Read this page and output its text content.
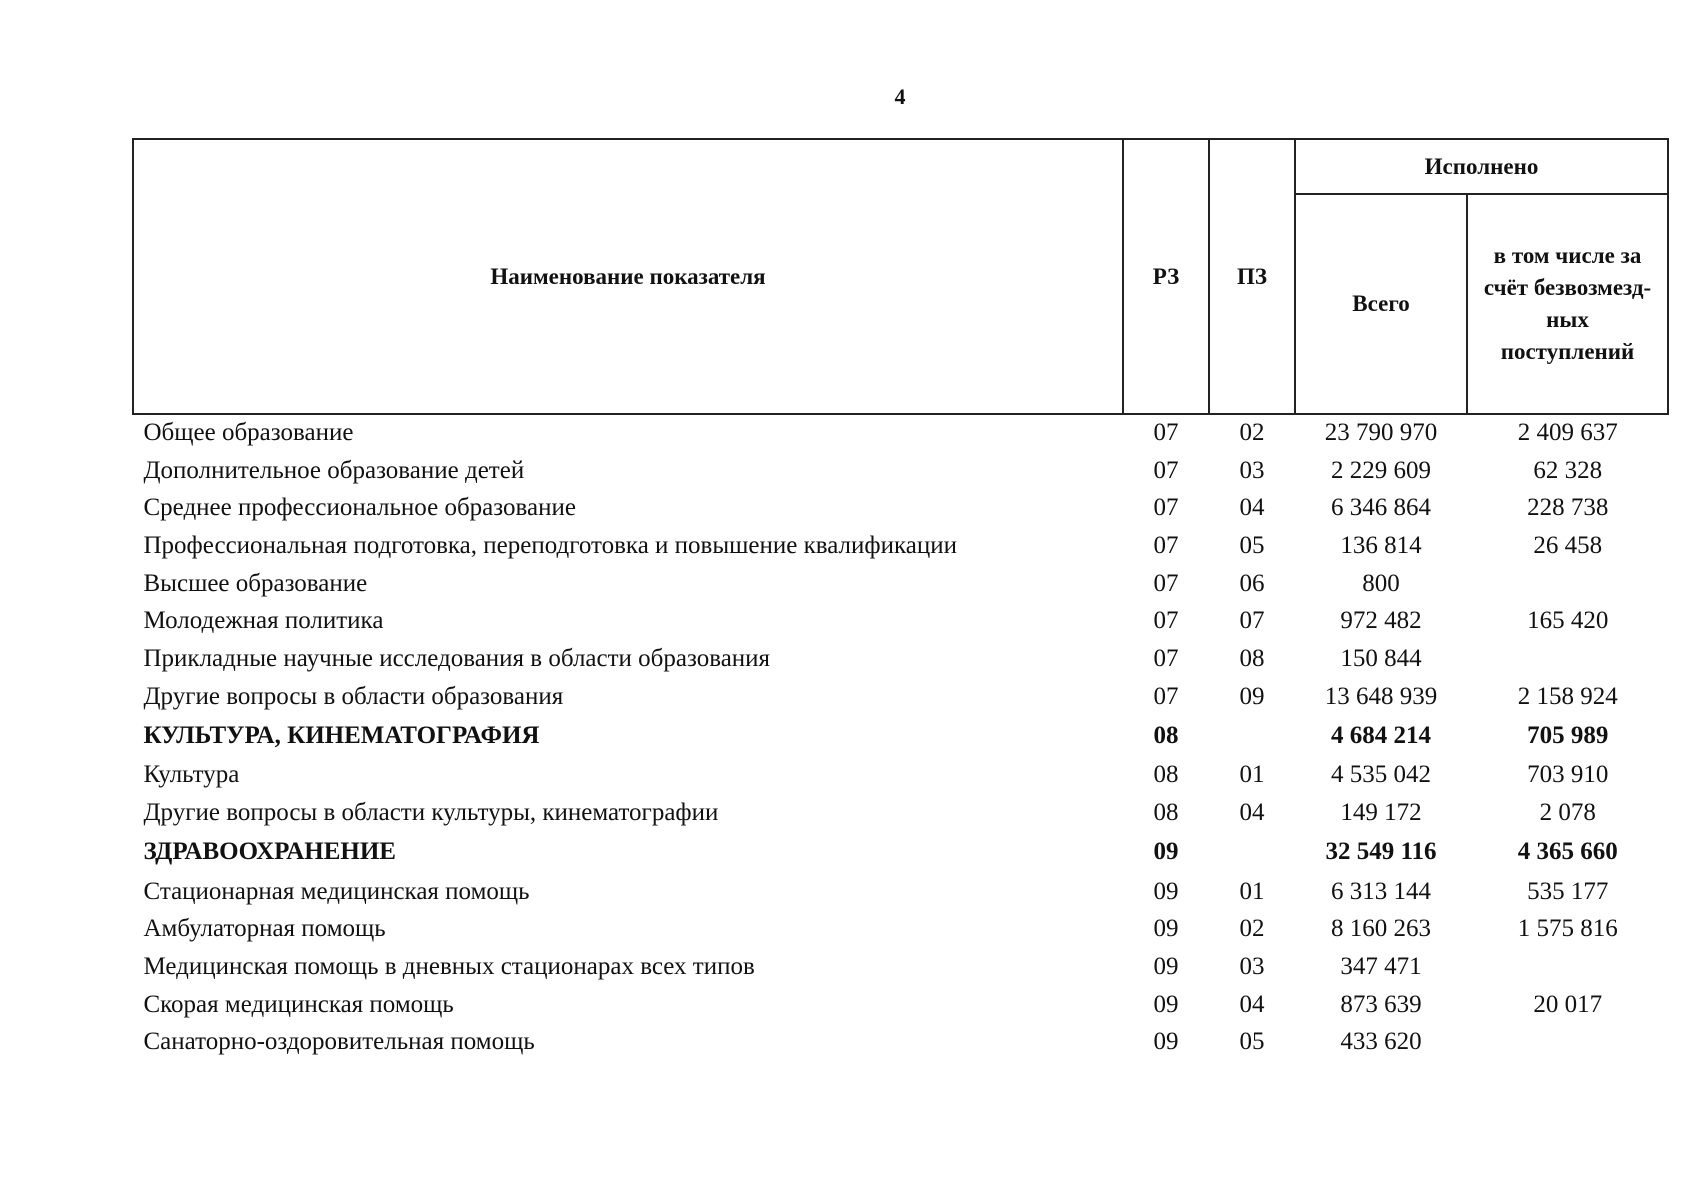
4
Наименование показателя	РЗ	ПЗ	Исполнено	
			Всего	в том числе за счёт безвозмезд-ных поступлений
Общее образование	07	02	23 790 970	2 409 637
Дополнительное образование детей	07	03	2 229 609	62 328
Среднее профессиональное образование	07	04	6 346 864	228 738
Профессиональная подготовка, переподготовка и повышение квалификации	07	05	136 814	26 458
Высшее образование	07	06	800	
Молодежная политика	07	07	972 482	165 420
Прикладные научные исследования в области образования	07	08	150 844	
Другие вопросы в области образования	07	09	13 648 939	2 158 924
КУЛЬТУРА, КИНЕМАТОГРАФИЯ	08		4 684 214	705 989
Культура	08	01	4 535 042	703 910
Другие вопросы в области культуры, кинематографии	08	04	149 172	2 078
ЗДРАВООХРАНЕНИЕ	09		32 549 116	4 365 660
Стационарная медицинская помощь	09	01	6 313 144	535 177
Амбулаторная помощь	09	02	8 160 263	1 575 816
Медицинская помощь в дневных стационарах всех типов	09	03	347 471	
Скорая медицинская помощь	09	04	873 639	20 017
Санаторно-оздоровительная помощь	09	05	433 620	
